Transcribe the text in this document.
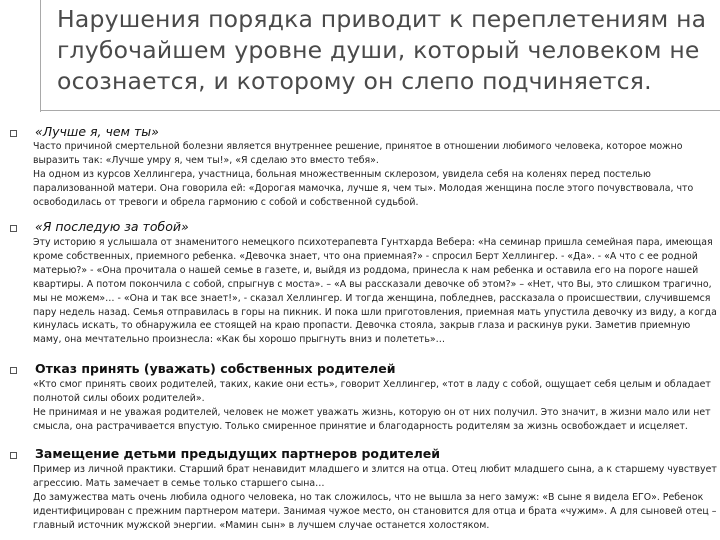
Нарушения порядка приводит к переплетениям на
глубочайшем уровне души, который человеком не
осознается, и которому он слепо подчиняется.
«Лучше я, чем ты»
Часто причиной смертельной болезни является внутреннее решение, принятое в отношении любимого человека, которое можно
выразить так: «Лучше умру я, чем ты!», «Я сделаю это вместо тебя».
На одном из курсов Хеллингера, участница, больная множественным склерозом, увидела себя на коленях перед постелью
парализованной матери. Она говорила ей: «Дорогая мамочка, лучше я, чем ты». Молодая женщина после этого почувствовала, что
освободилась от тревоги и обрела гармонию с собой и собственной судьбой.
«Я последую за тобой»
Эту историю я услышала от знаменитого немецкого психотерапевта Гунтхарда Вебера: «На семинар пришла семейная пара, имеющая
кроме собственных, приемного ребенка. «Девочка знает, что она приемная?» - спросил Берт Хеллингер. - «Да». - «А что с ее родной
матерью?» - «Она прочитала о нашей семье в газете, и, выйдя из роддома, принесла к нам ребенка и оставила его на пороге нашей
квартиры. А потом покончила с собой, спрыгнув с моста». – «А вы рассказали девочке об этом?» – «Нет, что Вы, это слишком трагично,
мы не можем»… - «Она и так все знает!», - сказал Хеллингер. И тогда женщина, побледнев, рассказала о происшествии, случившемся
пару недель назад. Семья отправилась в горы на пикник. И пока шли приготовления, приемная мать упустила девочку из виду, а когда
кинулась искать, то обнаружила ее стоящей на краю пропасти. Девочка стояла, закрыв глаза и раскинув руки. Заметив приемную
маму, она мечтательно произнесла: «Как бы хорошо прыгнуть вниз и полететь»…
Отказ принять (уважать) собственных родителей
«Кто смог принять своих родителей, таких, какие они есть», говорит Хеллингер, «тот в ладу с собой, ощущает себя целым и обладает
полнотой силы обоих родителей».
Не принимая и не уважая родителей, человек не может уважать жизнь, которую он от них получил. Это значит, в жизни мало или нет
смысла, она растрачивается впустую. Только смиренное принятие и благодарность родителям за жизнь освобождает и исцеляет.
Замещение детьми предыдущих партнеров родителей
Пример из личной практики. Старший брат ненавидит младшего и злится на отца. Отец любит младшего сына, а к старшему чувствует
агрессию. Мать замечает в семье только старшего сына…
До замужества мать очень любила одного человека, но так сложилось, что не вышла за него замуж: «В сыне я видела ЕГО». Ребенок
идентифицирован с прежним партнером матери. Занимая чужое место, он становится для отца и брата «чужим». А для сыновей отец –
главный источник мужской энергии. «Мамин сын» в лучшем случае останется холостяком.
